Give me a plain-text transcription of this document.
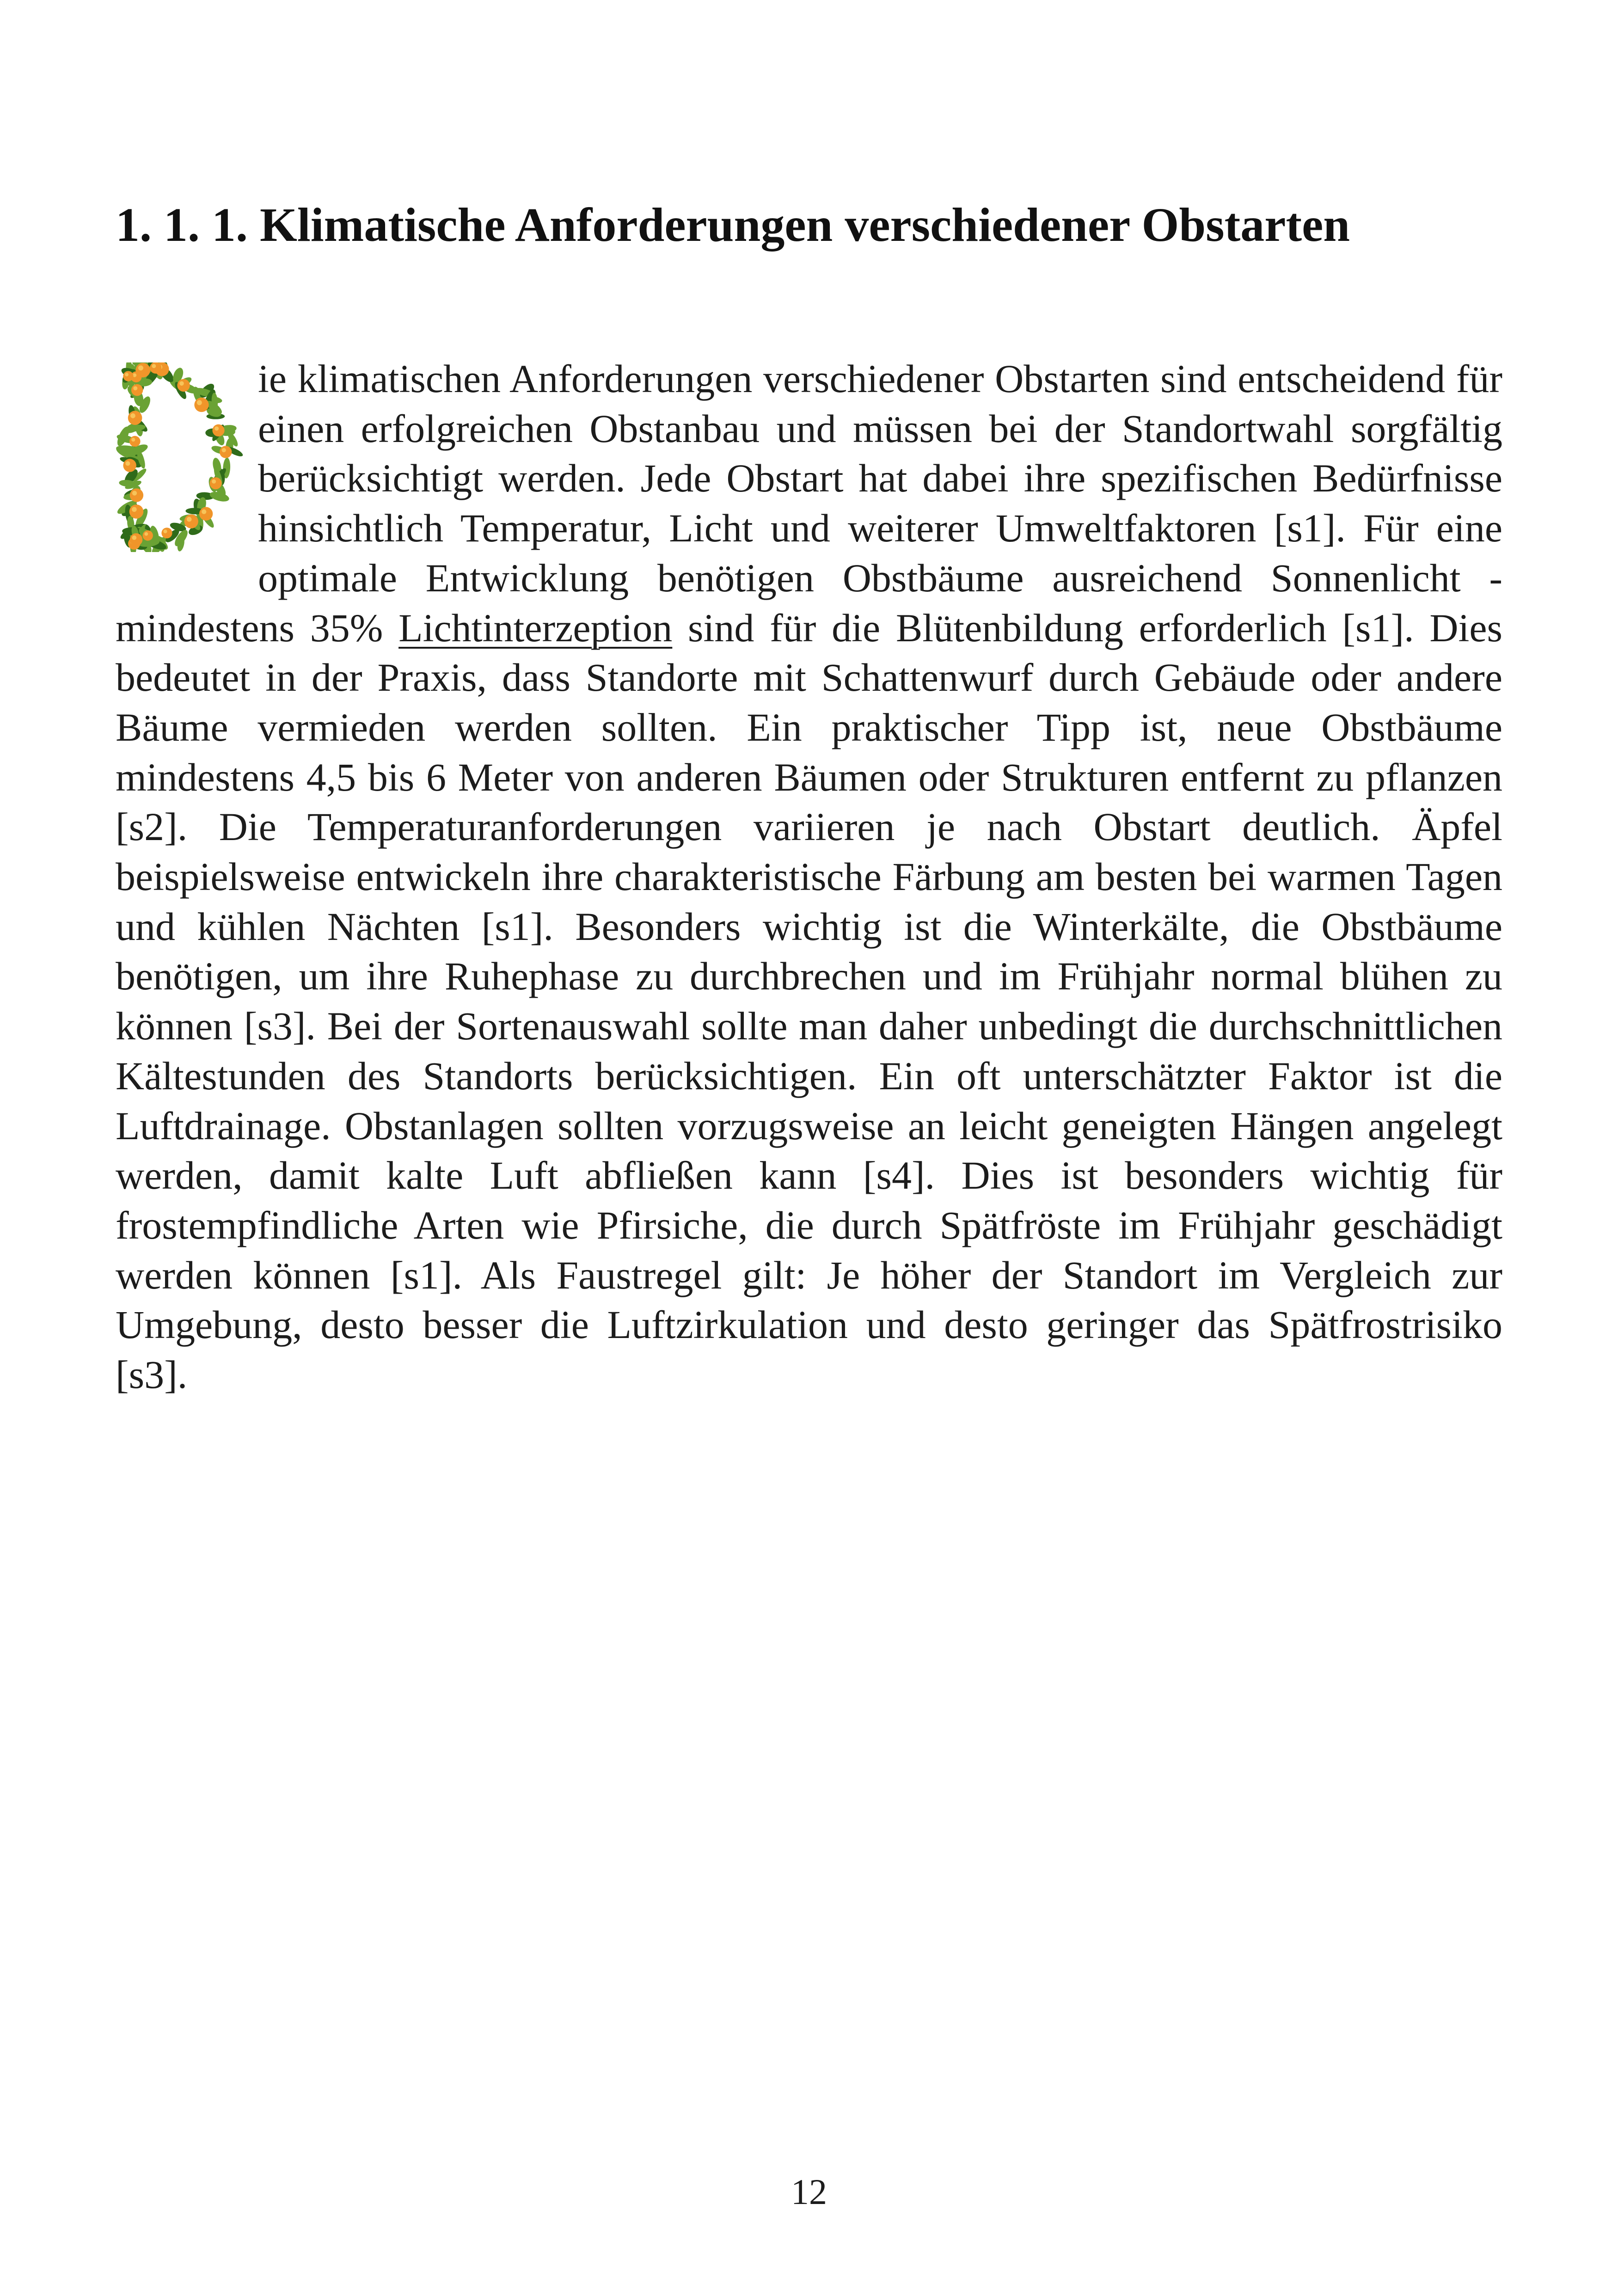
1. 1. 1. Klimatische Anforderungen verschiedener Obstarten

ie klimatischen Anforderungen verschiedener Obstarten sind entscheidend für einen erfolgreichen Obstanbau und müssen bei der Standortwahl sorgfältig berücksichtigt werden. Jede Obstart hat dabei ihre spezifischen Bedürfnisse hinsichtlich Temperatur, Licht und weiterer Umweltfaktoren [s1]. Für eine optimale Entwicklung benötigen Obstbäume ausreichend Sonnenlicht - mindestens 35% Lichtinterzeption sind für die Blütenbildung erforderlich [s1]. Dies bedeutet in der Praxis, dass Standorte mit Schattenwurf durch Gebäude oder andere Bäume vermieden werden sollten. Ein praktischer Tipp ist, neue Obstbäume mindestens 4,5 bis 6 Meter von anderen Bäumen oder Strukturen entfernt zu pflanzen [s2]. Die Temperaturanforderungen variieren je nach Obstart deutlich. Äpfel beispielsweise entwickeln ihre charakteristische Färbung am besten bei warmen Tagen und kühlen Nächten [s1]. Besonders wichtig ist die Winterkälte, die Obstbäume benötigen, um ihre Ruhephase zu durchbrechen und im Frühjahr normal blühen zu können [s3]. Bei der Sortenauswahl sollte man daher unbedingt die durchschnittlichen Kältestunden des Standorts berücksichtigen. Ein oft unterschätzter Faktor ist die Luftdrainage. Obstanlagen sollten vorzugsweise an leicht geneigten Hängen angelegt werden, damit kalte Luft abfließen kann [s4]. Dies ist besonders wichtig für frostempfindliche Arten wie Pfirsiche, die durch Spätfröste im Frühjahr geschädigt werden können [s1]. Als Faustregel gilt: Je höher der Standort im Vergleich zur Umgebung, desto besser die Luftzirkulation und desto geringer das Spätfrostrisiko [s3].

12
